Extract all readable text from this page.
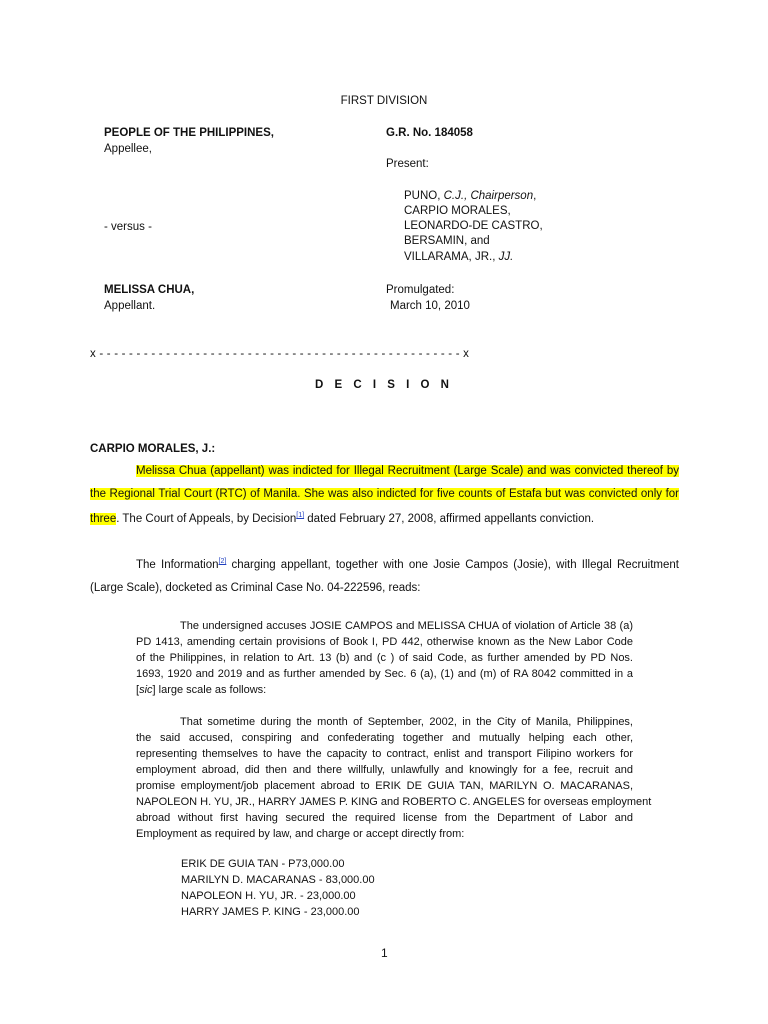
FIRST DIVISION
PEOPLE OF THE PHILIPPINES,
Appellee,
- versus -
MELISSA CHUA,
Appellant.
G.R. No. 184058
Present:
PUNO, C.J., Chairperson,
CARPIO MORALES,
LEONARDO-DE CASTRO,
BERSAMIN, and
VILLARAMA, JR., JJ.
Promulgated:
March 10, 2010
x - - - - - - - - - - - - - - - - - - - - - - - - - - - - - - - - - - - - - - - - - - - - - - - - - x
D E C I S I O N
CARPIO MORALES, J.:
Melissa Chua (appellant) was indicted for Illegal Recruitment (Large Scale) and was convicted thereof by
the Regional Trial Court (RTC) of Manila. She was also indicted for five counts of Estafa but was convicted only for
three. The Court of Appeals, by Decision[1] dated February 27, 2008, affirmed appellants conviction.
The Information[2] charging appellant, together with one Josie Campos (Josie), with Illegal Recruitment
(Large Scale), docketed as Criminal Case No. 04-222596, reads:
The undersigned accuses JOSIE CAMPOS and MELISSA CHUA of violation of Article 38 (a)
PD 1413, amending certain provisions of Book I, PD 442, otherwise known as the New Labor Code
of the Philippines, in relation to Art. 13 (b) and (c ) of said Code, as further amended by PD Nos.
1693, 1920 and 2019 and as further amended by Sec. 6 (a), (1) and (m) of RA 8042 committed in a
[sic] large scale as follows:
That sometime during the month of September, 2002, in the City of Manila, Philippines,
the said accused, conspiring and confederating together and mutually helping each other,
representing themselves to have the capacity to contract, enlist and transport Filipino workers for
employment abroad, did then and there willfully, unlawfully and knowingly for a fee, recruit and
promise employment/job placement abroad to ERIK DE GUIA TAN, MARILYN O. MACARANAS,
NAPOLEON H. YU, JR., HARRY JAMES P. KING and ROBERTO C. ANGELES for overseas employment
abroad without first having secured the required license from the Department of Labor and
Employment as required by law, and charge or accept directly from:
ERIK DE GUIA TAN - P73,000.00
MARILYN D. MACARANAS - 83,000.00
NAPOLEON H. YU, JR. - 23,000.00
HARRY JAMES P. KING - 23,000.00
1
